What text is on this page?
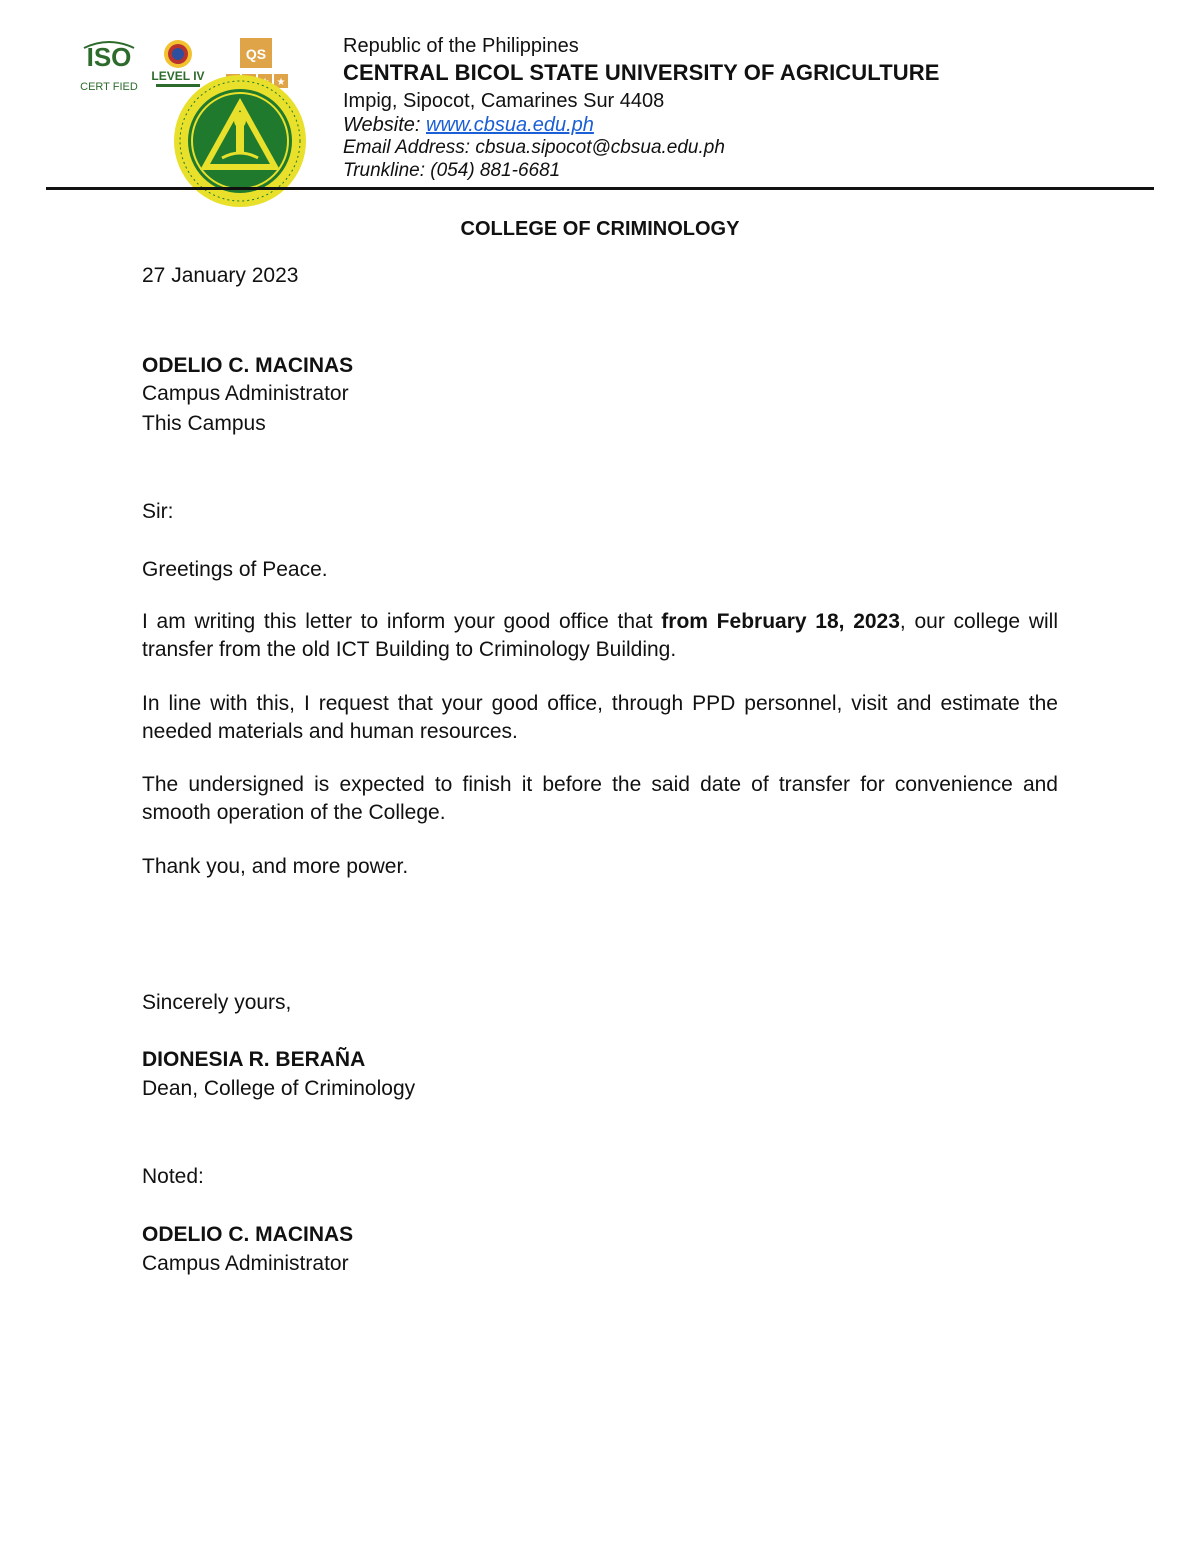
ISO
CERT FIED
LEVEL IV
QS
★
Republic of the Philippines
CENTRAL BICOL STATE UNIVERSITY OF AGRICULTURE
Impig, Sipocot, Camarines Sur 4408
Website: www.cbsua.edu.ph
Email Address: cbsua.sipocot@cbsua.edu.ph
Trunkline: (054) 881-6681
COLLEGE OF CRIMINOLOGY
27 January 2023
ODELIO C. MACINAS
Campus Administrator
This Campus
Sir:
Greetings of Peace.
I am writing this letter to inform your good office that from February 18, 2023, our college will transfer from the old ICT Building to Criminology Building.
In line with this, I request that your good office, through PPD personnel, visit and estimate the needed materials and human resources.
The undersigned is expected to finish it before the said date of transfer for convenience and smooth operation of the College.
Thank you, and more power.
Sincerely yours,
DIONESIA R. BERAÑA
Dean, College of Criminology
Noted:
ODELIO C. MACINAS
Campus Administrator
